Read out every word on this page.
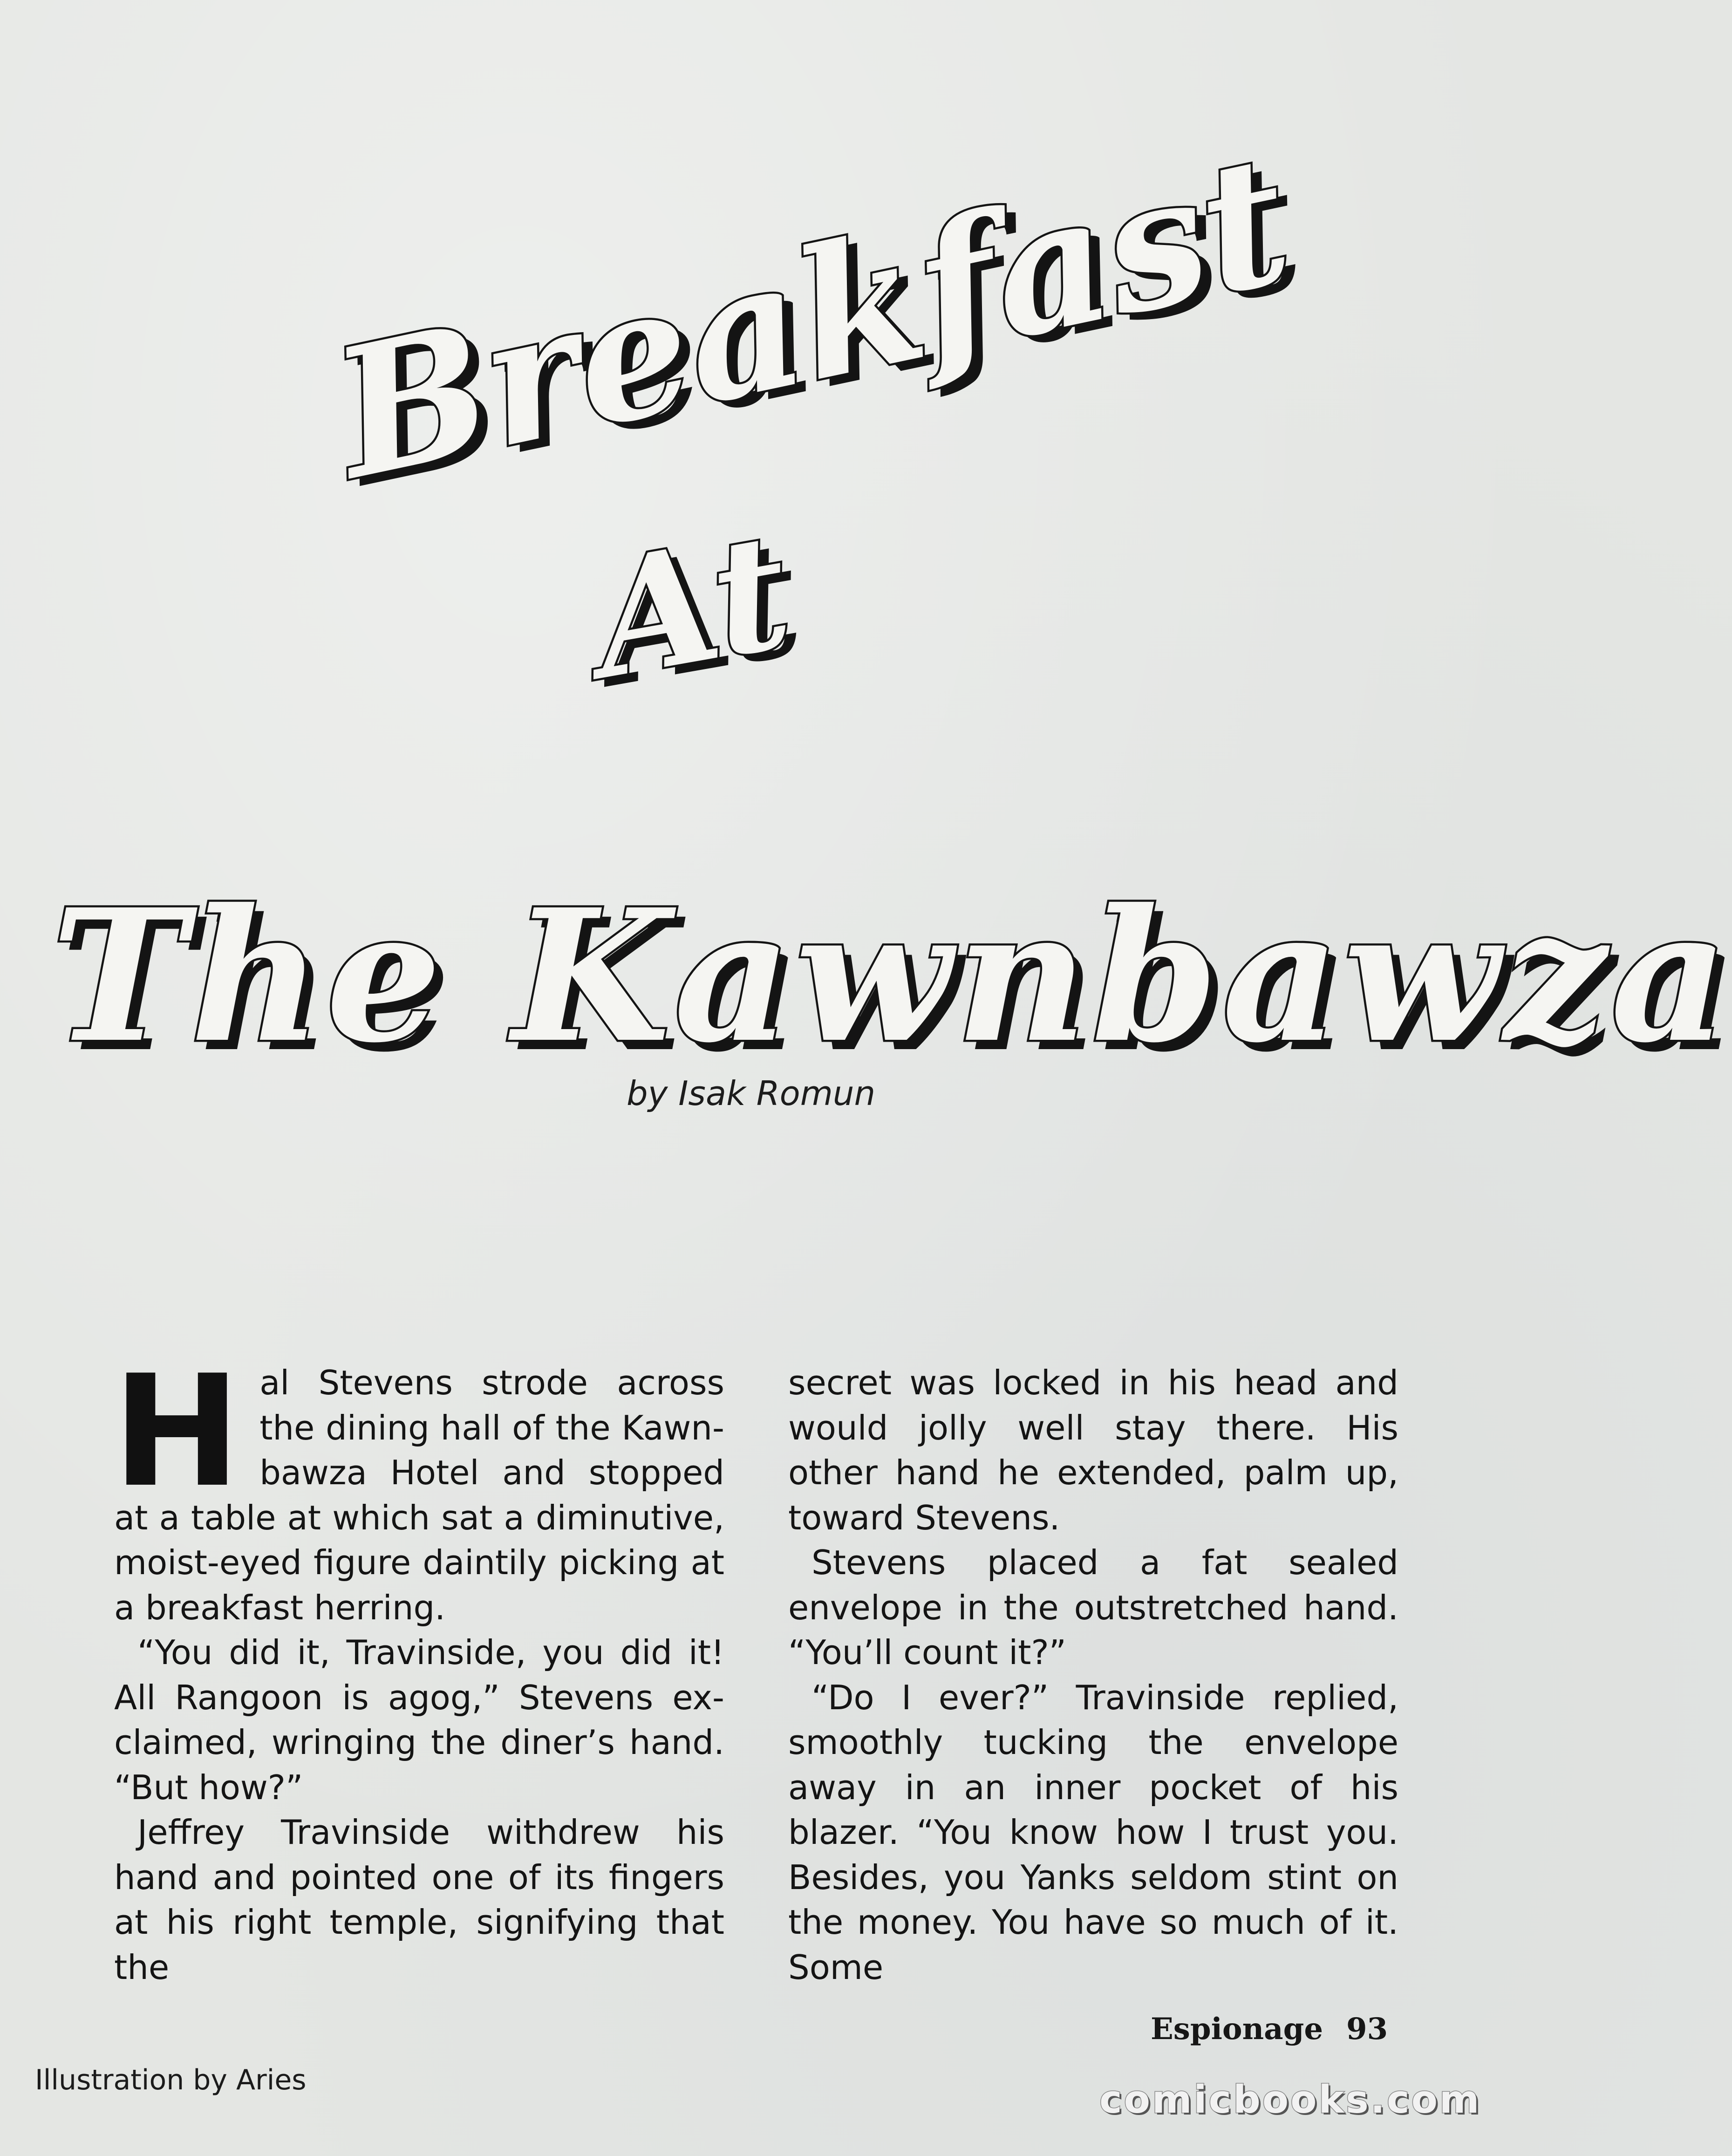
Breakfast
At
The Kawnbawza
by Isak Romun

Hal Stevens strode across the dining hall of the Kawn-bawza Hotel and stopped at a table at which sat a diminutive, moist-eyed figure daintily picking at a breakfast herring.

“You did it, Travinside, you did it! All Rangoon is agog,” Stevens ex-claimed, wringing the diner’s hand. “But how?”

Jeffrey Travinside withdrew his hand and pointed one of its fingers at his right temple, signifying that the

secret was locked in his head and would jolly well stay there. His other hand he extended, palm up, toward Stevens.

Stevens placed a fat sealed envelope in the outstretched hand. “You’ll count it?”

“Do I ever?” Travinside replied, smoothly tucking the envelope away in an inner pocket of his blazer. “You know how I trust you. Besides, you Yanks seldom stint on the money. You have so much of it. Some

Espionage 93
Illustration by Aries	comicbooks.com
